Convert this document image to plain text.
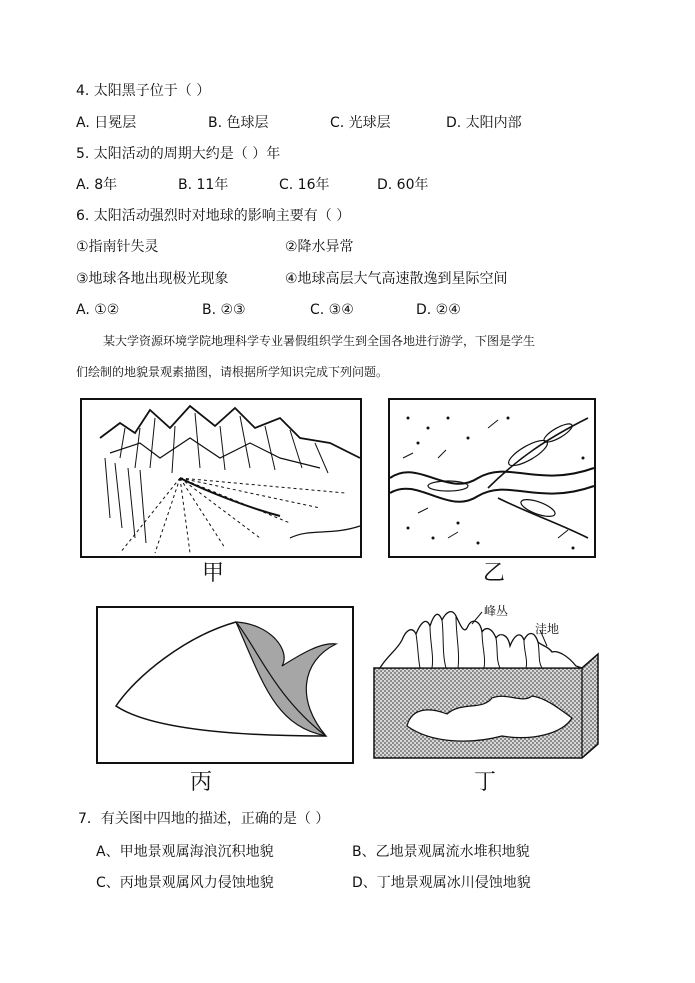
4. 太阳黑子位于（ ）
A. 日冕层	B. 色球层	C. 光球层	D. 太阳内部
5. 太阳活动的周期大约是（ ）年
A. 8年	B. 11年	C. 16年	D. 60年
6. 太阳活动强烈时对地球的影响主要有（ ）
①指南针失灵	②降水异常
③地球各地出现极光现象	④地球高层大气高速散逸到星际空间
A. ①②	B. ②③	C. ③④	D. ②④
某大学资源环境学院地理科学专业暑假组织学生到全国各地进行游学，下图是学生
们绘制的地貌景观素描图，请根据所学知识完成下列问题。
甲	乙
丙
峰丛
洼地
丁
7．有关图中四地的描述，正确的是（ ）
A、甲地景观属海浪沉积地貌	B、乙地景观属流水堆积地貌
C、丙地景观属风力侵蚀地貌	D、丁地景观属冰川侵蚀地貌
